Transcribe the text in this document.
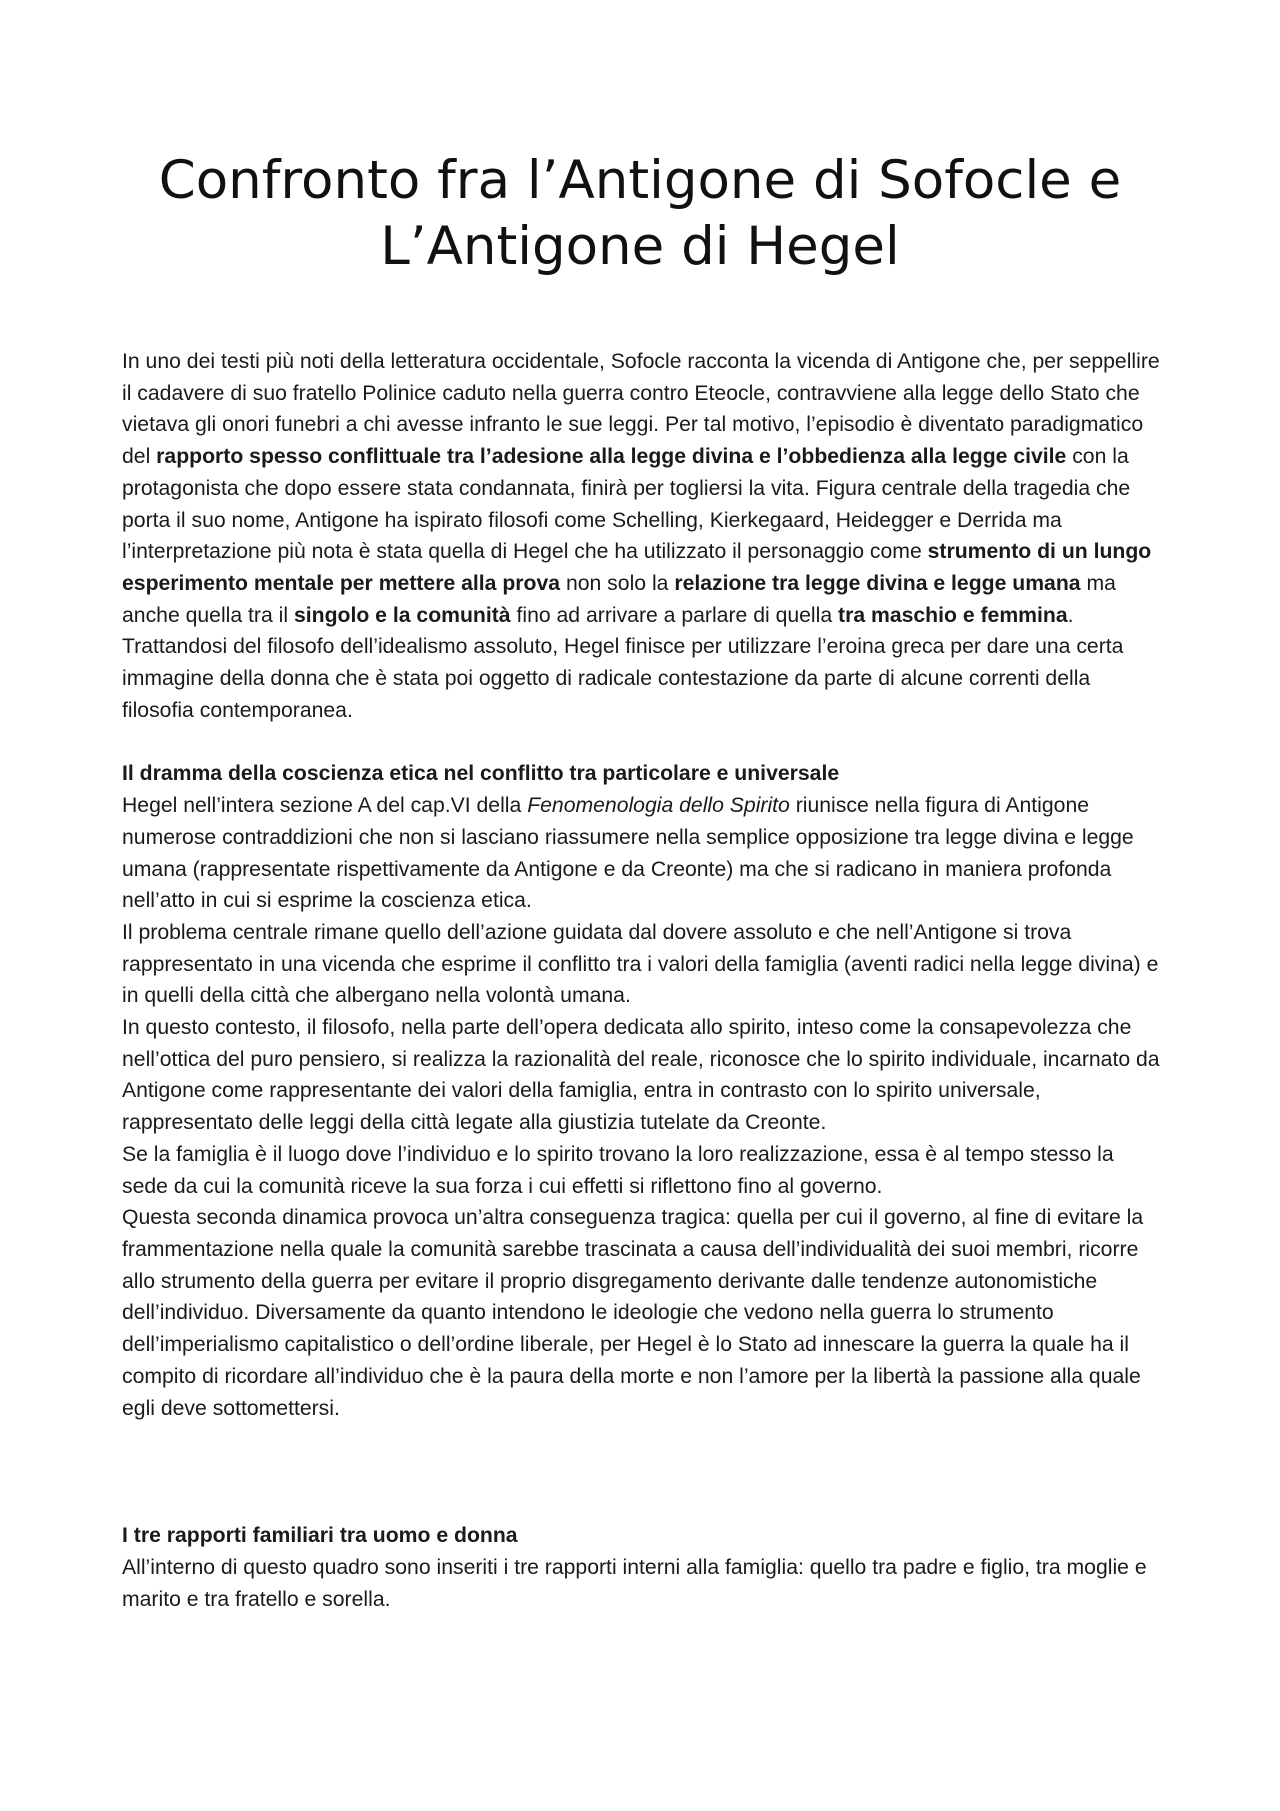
Confronto fra l’Antigone di Sofocle e
L’Antigone di Hegel

In uno dei testi più noti della letteratura occidentale, Sofocle racconta la vicenda di Antigone che, per seppellire il cadavere di suo fratello Polinice caduto nella guerra contro Eteocle, contravviene alla legge dello Stato che vietava gli onori funebri a chi avesse infranto le sue leggi. Per tal motivo, l’episodio è diventato paradigmatico del rapporto spesso conflittuale tra l’adesione alla legge divina e l’obbedienza alla legge civile con la protagonista che dopo essere stata condannata, finirà per togliersi la vita. Figura centrale della tragedia che porta il suo nome, Antigone ha ispirato filosofi come Schelling, Kierkegaard, Heidegger e Derrida ma l’interpretazione più nota è stata quella di Hegel che ha utilizzato il personaggio come strumento di un lungo esperimento mentale per mettere alla prova non solo la relazione tra legge divina e legge umana ma anche quella tra il singolo e la comunità fino ad arrivare a parlare di quella tra maschio e femmina. Trattandosi del filosofo dell’idealismo assoluto, Hegel finisce per utilizzare l’eroina greca per dare una certa immagine della donna che è stata poi oggetto di radicale contestazione da parte di alcune correnti della filosofia contemporanea.

Il dramma della coscienza etica nel conflitto tra particolare e universale

Hegel nell’intera sezione A del cap.VI della Fenomenologia dello Spirito riunisce nella figura di Antigone numerose contraddizioni che non si lasciano riassumere nella semplice opposizione tra legge divina e legge umana (rappresentate rispettivamente da Antigone e da Creonte) ma che si radicano in maniera profonda nell’atto in cui si esprime la coscienza etica.

Il problema centrale rimane quello dell’azione guidata dal dovere assoluto e che nell’Antigone si trova rappresentato in una vicenda che esprime il conflitto tra i valori della famiglia (aventi radici nella legge divina) e in quelli della città che albergano nella volontà umana.

In questo contesto, il filosofo, nella parte dell’opera dedicata allo spirito, inteso come la consapevolezza che nell’ottica del puro pensiero, si realizza la razionalità del reale, riconosce che lo spirito individuale, incarnato da Antigone come rappresentante dei valori della famiglia, entra in contrasto con lo spirito universale, rappresentato delle leggi della città legate alla giustizia tutelate da Creonte.

Se la famiglia è il luogo dove l’individuo e lo spirito trovano la loro realizzazione, essa è al tempo stesso la sede da cui la comunità riceve la sua forza i cui effetti si riflettono fino al governo.

Questa seconda dinamica provoca un’altra conseguenza tragica: quella per cui il governo, al fine di evitare la frammentazione nella quale la comunità sarebbe trascinata a causa dell’individualità dei suoi membri, ricorre allo strumento della guerra per evitare il proprio disgregamento derivante dalle tendenze autonomistiche dell’individuo. Diversamente da quanto intendono le ideologie che vedono nella guerra lo strumento dell’imperialismo capitalistico o dell’ordine liberale, per Hegel è lo Stato ad innescare la guerra la quale ha il compito di ricordare all’individuo che è la paura della morte e non l’amore per la libertà la passione alla quale egli deve sottomettersi.

I tre rapporti familiari tra uomo e donna

All’interno di questo quadro sono inseriti i tre rapporti interni alla famiglia: quello tra padre e figlio, tra moglie e marito e tra fratello e sorella.
